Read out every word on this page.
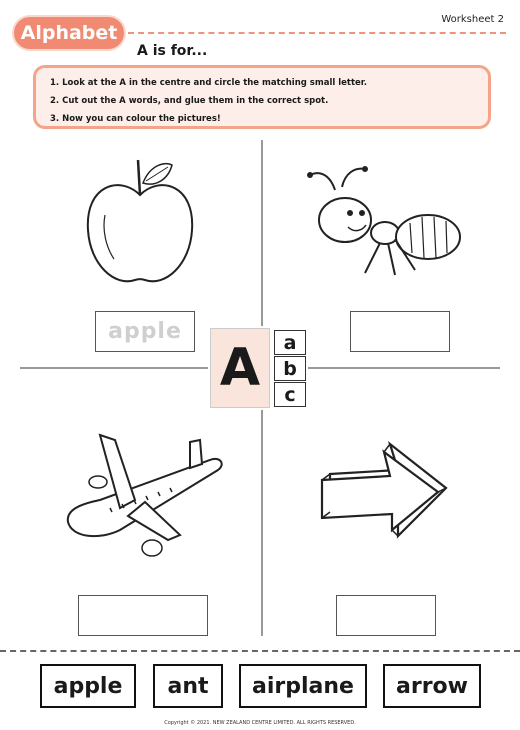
Alphabet
Worksheet 2
A is for...
1. Look at the A in the centre and circle the matching small letter.
2. Cut out the A words, and glue them in the correct spot.
3. Now you can colour the pictures!
apple
A	a
b
c
apple	ant	airplane	arrow
Copyright © 2021. NEW ZEALAND CENTRE LIMITED. ALL RIGHTS RESERVED.
